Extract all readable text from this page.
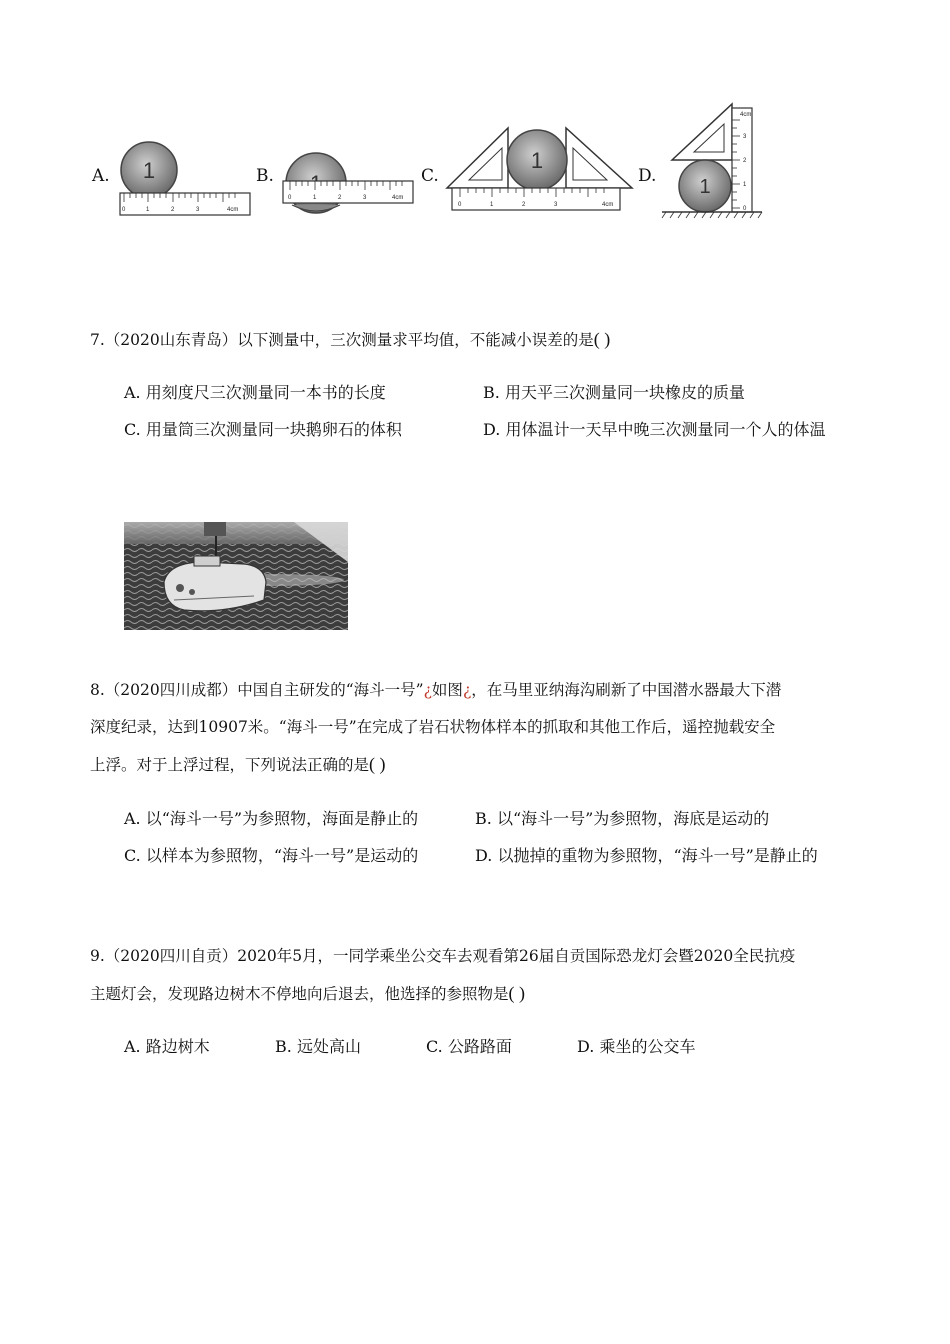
A.	B.	C.	D.
1
0	1	2	3	4cm
0	1	2	3	4cm
1
0	1	2	3	4cm
1
0
1
2
3
4cm
7.（2020山东青岛）以下测量中，三次测量求平均值，不能减小误差的是( )
A. 用刻度尺三次测量同一本书的长度	B. 用天平三次测量同一块橡皮的质量
C. 用量筒三次测量同一块鹅卵石的体积	D. 用体温计一天早中晚三次测量同一个人的体温
8.（2020四川成都）中国自主研发的“海斗一号”¿如图¿，在马里亚纳海沟刷新了中国潜水器最大下潜
深度纪录，达到10907米。“海斗一号”在完成了岩石状物体样本的抓取和其他工作后，遥控抛载安全
上浮。对于上浮过程，下列说法正确的是( )
A. 以“海斗一号”为参照物，海面是静止的	B. 以“海斗一号”为参照物，海底是运动的
C. 以样本为参照物，“海斗一号”是运动的	D. 以抛掉的重物为参照物，“海斗一号”是静止的
9.（2020四川自贡）2020年5月，一同学乘坐公交车去观看第26届自贡国际恐龙灯会暨2020全民抗疫
主题灯会，发现路边树木不停地向后退去，他选择的参照物是( )
A. 路边树木	B. 远处高山	C. 公路路面	D. 乘坐的公交车
